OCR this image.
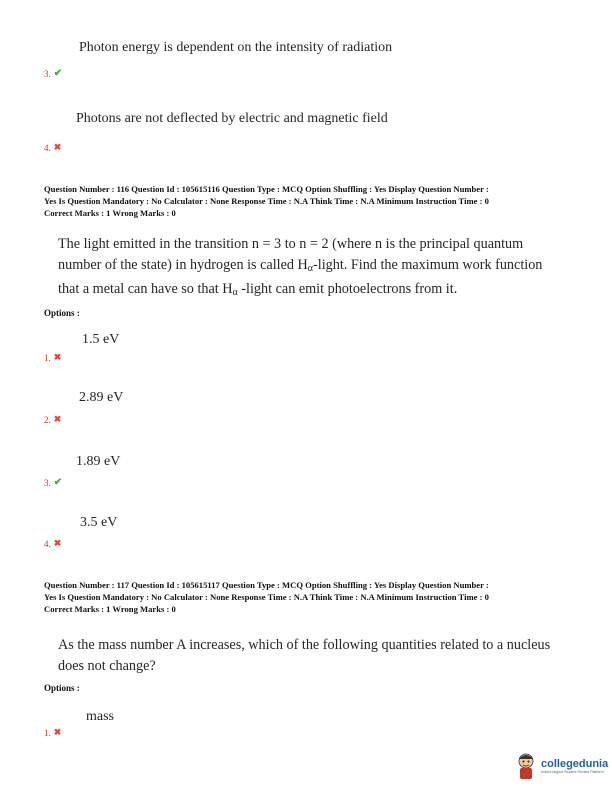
Photon energy is dependent on the intensity of radiation
3. ✔
Photons are not deflected by electric and magnetic field
4. ✖
Question Number : 116 Question Id : 105615116 Question Type : MCQ Option Shuffling : Yes Display Question Number :
Yes Is Question Mandatory : No Calculator : None Response Time : N.A Think Time : N.A Minimum Instruction Time : 0
Correct Marks : 1 Wrong Marks : 0
The light emitted in the transition n = 3 to n = 2 (where n is the principal quantum number of the state) in hydrogen is called $H_\alpha$-light. Find the maximum work function that a metal can have so that $H_\alpha$ -light can emit photoelectrons from it.
Options :
1.5 eV
1. ✖
2.89 eV
2. ✖
1.89 eV
3. ✔
3.5 eV
4. ✖
Question Number : 117 Question Id : 105615117 Question Type : MCQ Option Shuffling : Yes Display Question Number :
Yes Is Question Mandatory : No Calculator : None Response Time : N.A Think Time : N.A Minimum Instruction Time : 0
Correct Marks : 1 Wrong Marks : 0
As the mass number A increases, which of the following quantities related to a nucleus does not change?
Options :
mass
1. ✖
collegedunia
India's largest Student Review Platform
